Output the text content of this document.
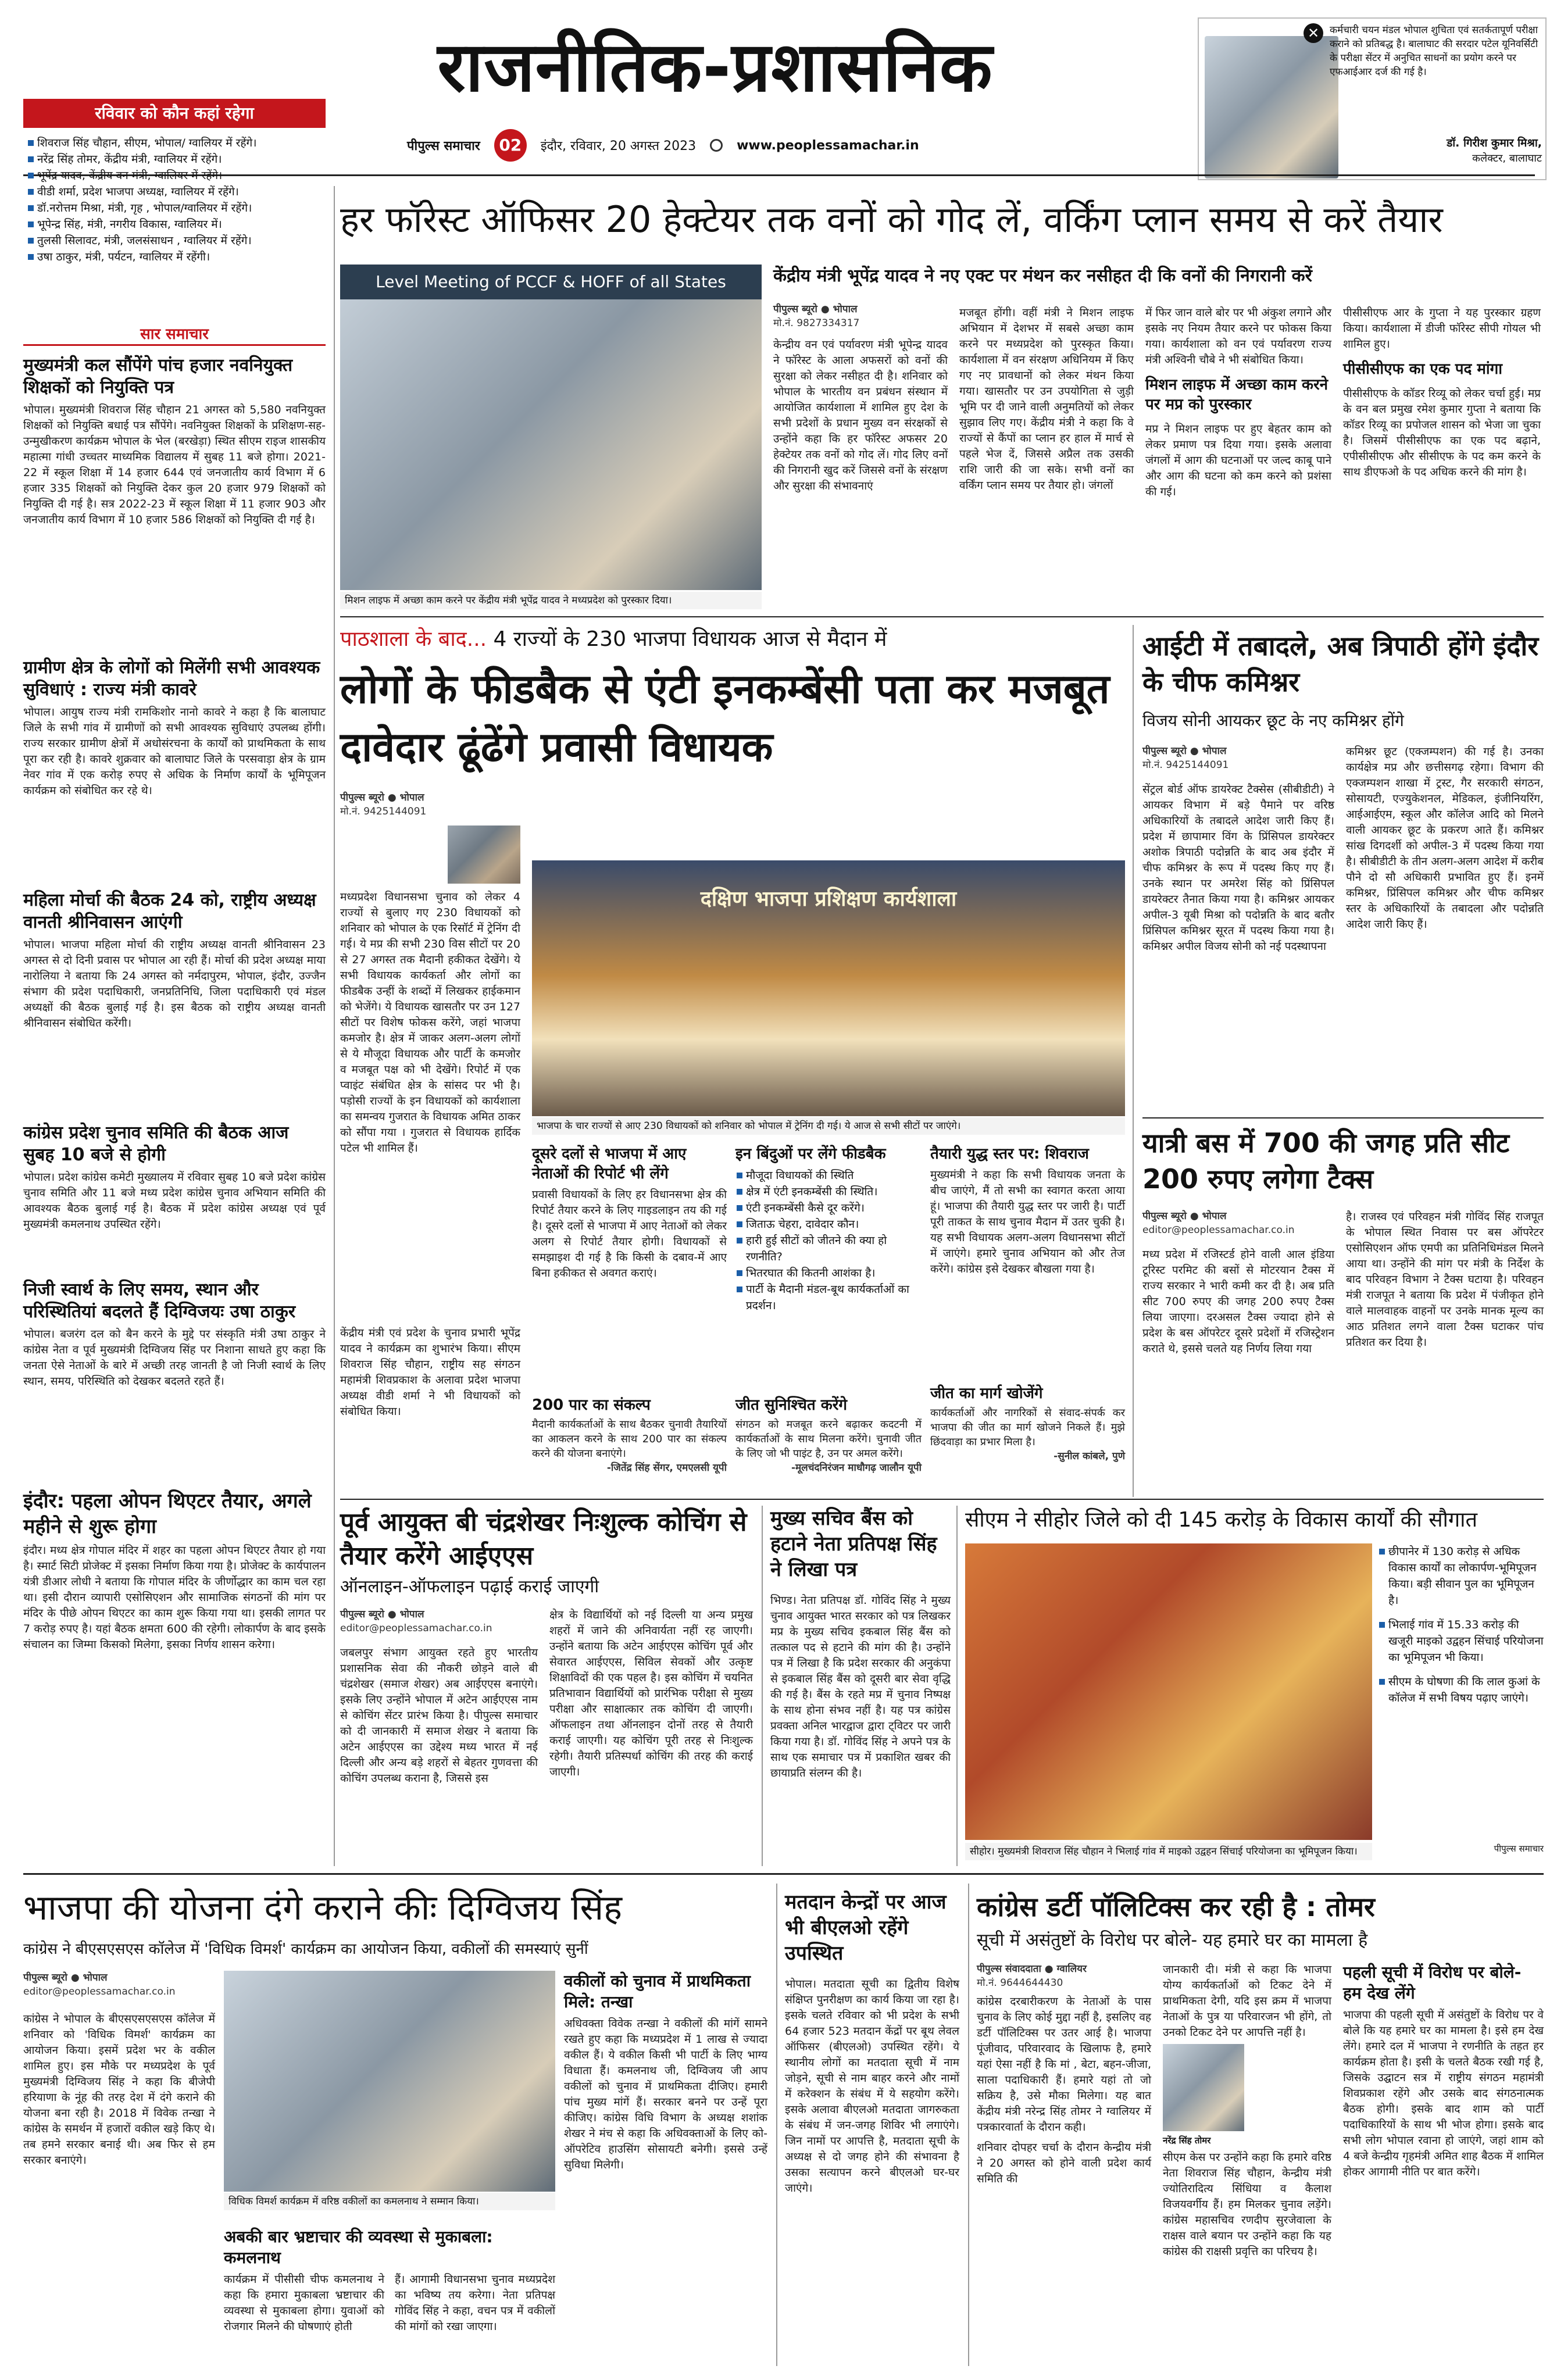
राजनीतिक-प्रशासनिक
पीपुल्स समाचार	02	इंदौर, रविवार, 20 अगस्त 2023	www.peoplessamachar.in
✕	कर्मचारी चयन मंडल भोपाल शुचिता एवं सतर्कतापूर्ण परीक्षा कराने को प्रतिबद्ध है। बालाघाट की सरदार पटेल यूनिवर्सिटी के परीक्षा सेंटर में अनुचित साधनों का प्रयोग करने पर एफआईआर दर्ज की गई है।
डॉ. गिरीश कुमार मिश्रा,
कलेक्टर, बालाघाट
रविवार को कौन कहां रहेगा
शिवराज सिंह चौहान, सीएम, भोपाल/ ग्वालियर में रहेंगे।
नरेंद्र सिंह तोमर, केंद्रीय मंत्री, ग्वालियर में रहेंगे।
भूपेंद्र यादव, केंद्रीय वन मंत्री, ग्वालियर में रहेंगे।
वीडी शर्मा, प्रदेश भाजपा अध्यक्ष, ग्वालियर में रहेंगे।
डॉ.नरोत्तम मिश्रा, मंत्री, गृह , भोपाल/ग्वालियर में रहेंगे।
भूपेन्द्र सिंह, मंत्री, नगरीय विकास, ग्वालियर में।
तुलसी सिलावट, मंत्री, जलसंसाधन , ग्वालियर में रहेंगे।
उषा ठाकुर, मंत्री, पर्यटन, ग्वालियर में रहेंगी।
सार समाचार
मुख्यमंत्री कल सौंपेंगे पांच हजार नवनियुक्त शिक्षकों को नियुक्ति पत्र
भोपाल। मुख्यमंत्री शिवराज सिंह चौहान 21 अगस्त को 5,580 नवनियुक्त शिक्षकों को नियुक्ति बधाई पत्र सौंपेंगे। नवनियुक्त शिक्षकों के प्रशिक्षण-सह-उन्मुखीकरण कार्यक्रम भोपाल के भेल (बरखेड़ा) स्थित सीएम राइज शासकीय महात्मा गांधी उच्चतर माध्यमिक विद्यालय में सुबह 11 बजे होगा। 2021-22 में स्कूल शिक्षा में 14 हजार 644 एवं जनजातीय कार्य विभाग में 6 हजार 335 शिक्षकों को नियुक्ति देकर कुल 20 हजार 979 शिक्षकों को नियुक्ति दी गई है। सत्र 2022-23 में स्कूल शिक्षा में 11 हजार 903 और जनजातीय कार्य विभाग में 10 हजार 586 शिक्षकों को नियुक्ति दी गई है।
ग्रामीण क्षेत्र के लोगों को मिलेंगी सभी आवश्यक सुविधाएं : राज्य मंत्री कावरे
भोपाल। आयुष राज्य मंत्री रामकिशोर नानो कावरे ने कहा है कि बालाघाट जिले के सभी गांव में ग्रामीणों को सभी आवश्यक सुविधाएं उपलब्ध होंगी। राज्य सरकार ग्रामीण क्षेत्रों में अधोसंरचना के कार्यों को प्राथमिकता के साथ पूरा कर रही है। कावरे शुक्रवार को बालाघाट जिले के परसवाड़ा क्षेत्र के ग्राम नेवर गांव में एक करोड़ रुपए से अधिक के निर्माण कार्यों के भूमिपूजन कार्यक्रम को संबोधित कर रहे थे।
महिला मोर्चा की बैठक 24 को, राष्ट्रीय अध्यक्ष वानती श्रीनिवासन आएंगी
भोपाल। भाजपा महिला मोर्चा की राष्ट्रीय अध्यक्ष वानती श्रीनिवासन 23 अगस्त से दो दिनी प्रवास पर भोपाल आ रही हैं। मोर्चा की प्रदेश अध्यक्ष माया नारोलिया ने बताया कि 24 अगस्त को नर्मदापुरम, भोपाल, इंदौर, उज्जैन संभाग की प्रदेश पदाधिकारी, जनप्रतिनिधि, जिला पदाधिकारी एवं मंडल अध्यक्षों की बैठक बुलाई गई है। इस बैठक को राष्ट्रीय अध्यक्ष वानती श्रीनिवासन संबोधित करेंगी।
कांग्रेस प्रदेश चुनाव समिति की बैठक आज सुबह 10 बजे से होगी
भोपाल। प्रदेश कांग्रेस कमेटी मुख्यालय में रविवार सुबह 10 बजे प्रदेश कांग्रेस चुनाव समिति और 11 बजे मध्य प्रदेश कांग्रेस चुनाव अभियान समिति की आवश्यक बैठक बुलाई गई है। बैठक में प्रदेश कांग्रेस अध्यक्ष एवं पूर्व मुख्यमंत्री कमलनाथ उपस्थित रहेंगे।
निजी स्वार्थ के लिए समय, स्थान और परिस्थितियां बदलते हैं दिग्विजयः उषा ठाकुर
भोपाल। बजरंग दल को बैन करने के मुद्दे पर संस्कृति मंत्री उषा ठाकुर ने कांग्रेस नेता व पूर्व मुख्यमंत्री दिग्विजय सिंह पर निशाना साधते हुए कहा कि जनता ऐसे नेताओं के बारे में अच्छी तरह जानती है जो निजी स्वार्थ के लिए स्थान, समय, परिस्थिति को देखकर बदलते रहते हैं।
इंदौर: पहला ओपन थिएटर तैयार, अगले महीने से शुरू होगा
इंदौर। मध्य क्षेत्र गोपाल मंदिर में शहर का पहला ओपन थिएटर तैयार हो गया है। स्मार्ट सिटी प्रोजेक्ट में इसका निर्माण किया गया है। प्रोजेक्ट के कार्यपालन यंत्री डीआर लोधी ने बताया कि गोपाल मंदिर के जीर्णोद्धार का काम चल रहा था। इसी दौरान व्यापारी एसोसिएशन और सामाजिक संगठनों की मांग पर मंदिर के पीछे ओपन थिएटर का काम शुरू किया गया था। इसकी लागत पर 7 करोड़ रुपए है। यहां बैठक क्षमता 600 की रहेगी। लोकार्पण के बाद इसके संचालन का जिम्मा किसको मिलेगा, इसका निर्णय शासन करेगा।
हर फॉरेस्ट ऑफिसर 20 हेक्टेयर तक वनों को गोद लें, वर्किंग प्लान समय से करें तैयार
Level Meeting of PCCF & HOFF of all States
मिशन लाइफ में अच्छा काम करने पर केंद्रीय मंत्री भूपेंद्र यादव ने मध्यप्रदेश को पुरस्कार दिया।
केंद्रीय मंत्री भूपेंद्र यादव ने नए एक्ट पर मंथन कर नसीहत दी कि वनों की निगरानी करें
पीपुल्स ब्यूरो ● भोपाल
मो.नं. 9827334317
केन्द्रीय वन एवं पर्यावरण मंत्री भूपेन्द्र यादव ने फॉरेस्ट के आला अफसरों को वनों की सुरक्षा को लेकर नसीहत दी है। शनिवार को भोपाल के भारतीय वन प्रबंधन संस्थान में आयोजित कार्यशाला में शामिल हुए देश के सभी प्रदेशों के प्रधान मुख्य वन संरक्षकों से उन्होंने कहा कि हर फॉरेस्ट अफसर 20 हेक्टेयर तक वनों को गोद लें। गोद लिए वनों की निगरानी खुद करें जिससे वनों के संरक्षण और सुरक्षा की संभावनाएं
मजबूत होंगी। वहीं मंत्री ने मिशन लाइफ अभियान में देशभर में सबसे अच्छा काम करने पर मध्यप्रदेश को पुरस्कृत किया। कार्यशाला में वन संरक्षण अधिनियम में किए गए नए प्रावधानों को लेकर मंथन किया गया। खासतौर पर उन उपयोगिता से जुड़ी भूमि पर दी जाने वाली अनुमतियों को लेकर सुझाव लिए गए। केंद्रीय मंत्री ने कहा कि वे राज्यों से कैंपों का प्लान हर हाल में मार्च से पहले भेज दें, जिससे अप्रैल तक उसकी राशि जारी की जा सके। सभी वनों का वर्किंग प्लान समय पर तैयार हो। जंगलों
में फिर जान वाले बोर पर भी अंकुश लगाने और इसके नए नियम तैयार करने पर फोकस किया गया। कार्यशाला को वन एवं पर्यावरण राज्य मंत्री अश्विनी चौबे ने भी संबोधित किया।
मिशन लाइफ में अच्छा काम करने पर मप्र को पुरस्कार
मप्र ने मिशन लाइफ पर हुए बेहतर काम को लेकर प्रमाण पत्र दिया गया। इसके अलावा जंगलों में आग की घटनाओं पर जल्द काबू पाने और आग की घटना को कम करने को प्रशंसा की गई।
पीसीसीएफ आर के गुप्ता ने यह पुरस्कार ग्रहण किया। कार्यशाला में डीजी फॉरेस्ट सीपी गोयल भी शामिल हुए।
पीसीसीएफ का एक पद मांगा
पीसीसीएफ के कॉडर रिव्यू को लेकर चर्चा हुई। मप्र के वन बल प्रमुख रमेश कुमार गुप्ता ने बताया कि कॉडर रिव्यू का प्रपोजल शासन को भेजा जा चुका है। जिसमें पीसीसीएफ का एक पद बढ़ाने, एपीसीसीएफ और सीसीएफ के पद कम करने के साथ डीएफओ के पद अधिक करने की मांग है।
पाठशाला के बाद... 4 राज्यों के 230 भाजपा विधायक आज से मैदान में
लोगों के फीडबैक से एंटी इनकम्बेंसी पता कर मजबूत दावेदार ढूंढेंगे प्रवासी विधायक
पीपुल्स ब्यूरो ● भोपाल
मो.नं. 9425144091
मध्यप्रदेश विधानसभा चुनाव को लेकर 4 राज्यों से बुलाए गए 230 विधायकों को शनिवार को भोपाल के एक रिसॉर्ट में ट्रेनिंग दी गई। ये मप्र की सभी 230 विस सीटों पर 20 से 27 अगस्त तक मैदानी हकीकत देखेंगे। ये सभी विधायक कार्यकर्ता और लोगों का फीडबैक उन्हीं के शब्दों में लिखकर हाईकमान को भेजेंगे। ये विधायक खासतौर पर उन 127 सीटों पर विशेष फोकस करेंगे, जहां भाजपा कमजोर है। क्षेत्र में जाकर अलग-अलग लोगों से ये मौजूदा विधायक और पार्टी के कमजोर व मजबूत पक्ष को भी देखेंगे। रिपोर्ट में एक प्वाइंट संबंधित क्षेत्र के सांसद पर भी है। पड़ोसी राज्यों के इन विधायकों को कार्यशाला का समन्वय गुजरात के विधायक अमित ठाकर को सौंपा गया । गुजरात से विधायक हार्दिक पटेल भी शामिल हैं।
दक्षिण भाजपा प्रशिक्षण कार्यशाला
भाजपा के चार राज्यों से आए 230 विधायकों को शनिवार को भोपाल में ट्रेनिंग दी गई। ये आज से सभी सीटों पर जाएंगे।
केंद्रीय मंत्री एवं प्रदेश के चुनाव प्रभारी भूपेंद्र यादव ने कार्यक्रम का शुभारंभ किया। सीएम शिवराज सिंह चौहान, राष्ट्रीय सह संगठन महामंत्री शिवप्रकाश के अलावा प्रदेश भाजपा अध्यक्ष वीडी शर्मा ने भी विधायकों को संबोधित किया।
दूसरे दलों से भाजपा में आए नेताओं की रिपोर्ट भी लेंगे
प्रवासी विधायकों के लिए हर विधानसभा क्षेत्र की रिपोर्ट तैयार करने के लिए गाइडलाइन तय की गई है। दूसरे दलों से भाजपा में आए नेताओं को लेकर अलग से रिपोर्ट तैयार होगी। विधायकों से समझाइश दी गई है कि किसी के दबाव-में आए बिना हकीकत से अवगत कराएं।
इन बिंदुओं पर लेंगे फीडबैक
मौजूदा विधायकों की स्थिति
क्षेत्र में एंटी इनकम्बेंसी की स्थिति।
एंटी इनकम्बेंसी कैसे दूर करेंगे।
जिताऊ चेहरा, दावेदार कौन।
हारी हुई सीटों को जीतने की क्या हो रणनीति?
भितरघात की कितनी आशंका है।
पार्टी के मैदानी मंडल-बूथ कार्यकर्ताओं का प्रदर्शन।
तैयारी युद्ध स्तर पर: शिवराज
मुख्यमंत्री ने कहा कि सभी विधायक जनता के बीच जाएंगे, मैं तो सभी का स्वागत करता आया हूं। भाजपा की तैयारी युद्ध स्तर पर जारी है। पार्टी पूरी ताकत के साथ चुनाव मैदान में उतर चुकी है। यह सभी विधायक अलग-अलग विधानसभा सीटों में जाएंगे। हमारे चुनाव अभियान को और तेज करेंगे। कांग्रेस इसे देखकर बौखला गया है।
200 पार का संकल्प
मैदानी कार्यकर्ताओं के साथ बैठकर चुनावी तैयारियों का आकलन करने के साथ 200 पार का संकल्प करने की योजना बनाएंगे।
-जितेंद्र सिंह सेंगर, एमएलसी यूपी
जीत सुनिश्चित करेंगे
संगठन को मजबूत करने बढ़ाकर कदटनी में कार्यकर्ताओं के साथ मिलना करेंगे। चुनावी जीत के लिए जो भी पाइंट है, उन पर अमल करेंगे।
-मूलचंदनिरंजन माधौगढ़ जालौन यूपी
जीत का मार्ग खोजेंगे
कार्यकर्ताओं और नागरिकों से संवाद-संपर्क कर भाजपा की जीत का मार्ग खोजने निकले हैं। मुझे छिंदवाड़ा का प्रभार मिला है।
-सुनील कांबले, पुणे
आईटी में तबादले, अब त्रिपाठी होंगे इंदौर के चीफ कमिश्नर
विजय सोनी आयकर छूट के नए कमिश्नर होंगे
पीपुल्स ब्यूरो ● भोपाल
मो.नं. 9425144091
सेंट्रल बोर्ड ऑफ डायरेक्ट टैक्सेस (सीबीडीटी) ने आयकर विभाग में बड़े पैमाने पर वरिष्ठ अधिकारियों के तबादले आदेश जारी किए हैं। प्रदेश में छापामार विंग के प्रिंसिपल डायरेक्टर अशोक त्रिपाठी पदोन्नति के बाद अब इंदौर में चीफ कमिश्नर के रूप में पदस्थ किए गए हैं। उनके स्थान पर अमरेश सिंह को प्रिंसिपल डायरेक्टर तैनात किया गया है। कमिश्नर आयकर अपील-3 यूबी मिश्रा को पदोन्नति के बाद बतौर प्रिंसिपल कमिश्नर सूरत में पदस्थ किया गया है। कमिश्नर अपील विजय सोनी को नई पदस्थापना
कमिश्नर छूट (एक्जम्पशन) की गई है। उनका कार्यक्षेत्र मप्र और छत्तीसगढ़ रहेगा। विभाग की एक्जम्पशन शाखा में ट्रस्ट, गैर सरकारी संगठन, सोसायटी, एज्युकेशनल, मेडिकल, इंजीनियरिंग, आईआईएम, स्कूल और कॉलेज आदि को मिलने वाली आयकर छूट के प्रकरण आते हैं। कमिश्नर सांख दिगदर्शी को अपील-3 में पदस्थ किया गया है। सीबीडीटी के तीन अलग-अलग आदेश में करीब पौने दो सौ अधिकारी प्रभावित हुए हैं। इनमें कमिश्नर, प्रिंसिपल कमिश्नर और चीफ कमिश्नर स्तर के अधिकारियों के तबादला और पदोन्नति आदेश जारी किए हैं।
यात्री बस में 700 की जगह प्रति सीट 200 रुपए लगेगा टैक्स
पीपुल्स ब्यूरो ● भोपाल
editor@peoplessamachar.co.in
मध्य प्रदेश में रजिस्टर्ड होने वाली आल इंडिया टूरिस्ट परमिट की बसों से मोटरयान टैक्स में राज्य सरकार ने भारी कमी कर दी है। अब प्रति सीट 700 रुपए की जगह 200 रुपए टैक्स लिया जाएगा। दरअसल टैक्स ज्यादा होने से प्रदेश के बस ऑपरेटर दूसरे प्रदेशों में रजिस्ट्रेशन कराते थे, इससे चलते यह निर्णय लिया गया
है। राजस्व एवं परिवहन मंत्री गोविंद सिंह राजपूत के भोपाल स्थित निवास पर बस ऑपरेटर एसोसिएशन ऑफ एमपी का प्रतिनिधिमंडल मिलने आया था। उन्होंने की मांग पर मंत्री के निर्देश के बाद परिवहन विभाग ने टैक्स घटाया है। परिवहन मंत्री राजपूत ने बताया कि प्रदेश में पंजीकृत होने वाले मालवाहक वाहनों पर उनके मानक मूल्य का आठ प्रतिशत लगने वाला टैक्स घटाकर पांच प्रतिशत कर दिया है।
पूर्व आयुक्त बी चंद्रशेखर निःशुल्क कोचिंग से तैयार करेंगे आईएएस
ऑनलाइन-ऑफलाइन पढ़ाई कराई जाएगी
पीपुल्स ब्यूरो ● भोपाल
editor@peoplessamachar.co.in
जबलपुर संभाग आयुक्त रहते हुए भारतीय प्रशासनिक सेवा की नौकरी छोड़ने वाले बी चंद्रशेखर (समाज शेखर) अब आईएएस बनाएंगे। इसके लिए उन्होंने भोपाल में अटेन आईएएस नाम से कोचिंग सेंटर प्रारंभ किया है। पीपुल्स समाचार को दी जानकारी में समाज शेखर ने बताया कि अटेन आईएएस का उद्देश्य मध्य भारत में नई दिल्ली और अन्य बड़े शहरों से बेहतर गुणवत्ता की कोचिंग उपलब्ध कराना है, जिससे इस
क्षेत्र के विद्यार्थियों को नई दिल्ली या अन्य प्रमुख शहरों में जाने की अनिवार्यता नहीं रह जाएगी। उन्होंने बताया कि अटेन आईएएस कोचिंग पूर्व और सेवारत आईएएस, सिविल सेवकों और उत्कृष्ट शिक्षाविदों की एक पहल है। इस कोचिंग में चयनित प्रतिभावान विद्यार्थियों को प्रारंभिक परीक्षा से मुख्य परीक्षा और साक्षात्कार तक कोचिंग दी जाएगी। ऑफलाइन तथा ऑनलाइन दोनों तरह से तैयारी कराई जाएगी। यह कोचिंग पूरी तरह से निःशुल्क रहेगी। तैयारी प्रतिस्पर्धा कोचिंग की तरह की कराई जाएगी।
मुख्य सचिव बैंस को हटाने नेता प्रतिपक्ष सिंह ने लिखा पत्र
भिण्ड। नेता प्रतिपक्ष डॉ. गोविंद सिंह ने मुख्य चुनाव आयुक्त भारत सरकार को पत्र लिखकर मप्र के मुख्य सचिव इकबाल सिंह बैंस को तत्काल पद से हटाने की मांग की है। उन्होंने पत्र में लिखा है कि प्रदेश सरकार की अनुकंपा से इकबाल सिंह बैंस को दूसरी बार सेवा वृद्धि की गई है। बैंस के रहते मप्र में चुनाव निष्पक्ष के साथ होना संभव नहीं है। यह पत्र कांग्रेस प्रवक्ता अनिल भारद्वाज द्वारा ट्विटर पर जारी किया गया है। डॉ. गोविंद सिंह ने अपने पत्र के साथ एक समाचार पत्र में प्रकाशित खबर की छायाप्रति संलग्न की है।
सीएम ने सीहोर जिले को दी 145 करोड़ के विकास कार्यों की सौगात
सीहोर। मुख्यमंत्री शिवराज सिंह चौहान ने भिलाई गांव में माइको उद्वहन सिंचाई परियोजना का भूमिपूजन किया।	पीपुल्स समाचार
छीपानेर में 130 करोड़ से अधिक विकास कार्यों का लोकार्पण-भूमिपूजन किया। बड़ी सीवान पुल का भूमिपूजन है।
भिलाई गांव में 15.33 करोड़ की खजूरी माइको उद्वहन सिंचाई परियोजना का भूमिपूजन भी किया।
सीएम के घोषणा की कि लाल कुआं के कॉलेज में सभी विषय पढ़ाए जाएंगे।
भाजपा की योजना दंगे कराने कीः दिग्विजय सिंह
कांग्रेस ने बीएसएसएस कॉलेज में 'विधिक विमर्श' कार्यक्रम का आयोजन किया, वकीलों की समस्याएं सुनीं
पीपुल्स ब्यूरो ● भोपाल
editor@peoplessamachar.co.in
कांग्रेस ने भोपाल के बीएसएसएसएस कॉलेज में शनिवार को 'विधिक विमर्श' कार्यक्रम का आयोजन किया। इसमें प्रदेश भर के वकील शामिल हुए। इस मौके पर मध्यप्रदेश के पूर्व मुख्यमंत्री दिग्विजय सिंह ने कहा कि बीजेपी हरियाणा के नूंह की तरह देश में दंगे कराने की योजना बना रही है। 2018 में विवेक तन्खा ने कांग्रेस के समर्थन में हजारों वकील खड़े किए थे। तब हमने सरकार बनाई थी। अब फिर से हम सरकार बनाएंगे।
विधिक विमर्श कार्यक्रम में वरिष्ठ वकीलों का कमलनाथ ने सम्मान किया।
वकीलों को चुनाव में प्राथमिकता मिले: तन्खा
अधिवक्ता विवेक तन्खा ने वकीलों की मांगें सामने रखते हुए कहा कि मध्यप्रदेश में 1 लाख से ज्यादा वकील हैं। ये वकील किसी भी पार्टी के लिए भाग्य विधाता हैं। कमलनाथ जी, दिग्विजय जी आप वकीलों को चुनाव में प्राथमिकता दीजिए। हमारी पांच मुख्य मांगें हैं। सरकार बनने पर उन्हें पूरा कीजिए। कांग्रेस विधि विभाग के अध्यक्ष शशांक शेखर ने मंच से कहा कि अधिवक्ताओं के लिए को-ऑपरेटिव हाउसिंग सोसायटी बनेगी। इससे उन्हें सुविधा मिलेगी।
अबकी बार भ्रष्टाचार की व्यवस्था से मुकाबला: कमलनाथ
कार्यक्रम में पीसीसी चीफ कमलनाथ ने कहा कि हमारा मुकाबला भ्रष्टाचार की व्यवस्था से मुकाबला होगा। युवाओं को रोजगार मिलने की घोषणाएं होती
हैं। आगामी विधानसभा चुनाव मध्यप्रदेश का भविष्य तय करेगा। नेता प्रतिपक्ष गोविंद सिंह ने कहा, वचन पत्र में वकीलों की मांगों को रखा जाएगा।
मतदान केन्द्रों पर आज भी बीएलओ रहेंगे उपस्थित
भोपाल। मतदाता सूची का द्वितीय विशेष संक्षिप्त पुनरीक्षण का कार्य किया जा रहा है। इसके चलते रविवार को भी प्रदेश के सभी 64 हजार 523 मतदान केंद्रों पर बूथ लेवल ऑफिसर (बीएलओ) उपस्थित रहेंगे। ये स्थानीय लोगों का मतदाता सूची में नाम जोड़ने, सूची से नाम बाहर करने और नामों में करेक्शन के संबंध में ये सहयोग करेंगे। इसके अलावा बीएलओ मतदाता जागरुकता के संबंध में जन-जगह शिविर भी लगाएंगे। जिन नामों पर आपत्ति है, मतदाता सूची के अध्यक्ष से दो जगह होने की संभावना है उसका सत्यापन करने बीएलओ घर-घर जाएंगे।
कांग्रेस डर्टी पॉलिटिक्स कर रही है : तोमर
सूची में असंतुष्टों के विरोध पर बोले- यह हमारे घर का मामला है
पीपुल्स संवाददाता ● ग्वालियर
मो.नं. 9644644430
कांग्रेस दरबारीकरण के नेताओं के पास चुनाव के लिए कोई मुद्दा नहीं है, इसलिए वह डर्टी पॉलिटिक्स पर उतर आई है। भाजपा पूंजीवाद, परिवारवाद के खिलाफ है, हमारे यहां ऐसा नहीं है कि मां , बेटा, बहन-जीजा, साला पदाधिकारी हैं। हमारे यहां तो जो सक्रिय है, उसे मौका मिलेगा। यह बात केंद्रीय मंत्री नरेन्द्र सिंह तोमर ने ग्वालियर में पत्रकारवार्ता के दौरान कही।
शनिवार दोपहर चर्चा के दौरान केन्द्रीय मंत्री ने 20 अगस्त को होने वाली प्रदेश कार्य समिति की
जानकारी दी। मंत्री से कहा कि भाजपा योग्य कार्यकर्ताओं को टिकट देने में प्राथमिकता देगी, यदि इस क्रम में भाजपा नेताओं के पुत्र या परिवारजन भी होंगे, तो उनको टिकट देने पर आपत्ति नहीं है।
नरेंद्र सिंह तोमर
सीएम केस पर उन्होंने कहा कि हमारे वरिष्ठ नेता शिवराज सिंह चौहान, केन्द्रीय मंत्री ज्योतिरादित्य सिंधिया व कैलाश विजयवर्गीय हैं। हम मिलकर चुनाव लड़ेंगे। कांग्रेस महासचिव रणदीप सुरजेवाला के राक्षस वाले बयान पर उन्होंने कहा कि यह कांग्रेस की राक्षसी प्रवृत्ति का परिचय है।
पहली सूची में विरोध पर बोले- हम देख लेंगे
भाजपा की पहली सूची में असंतुष्टों के विरोध पर वे बोले कि यह हमारे घर का मामला है। इसे हम देख लेंगे। हमारे दल में भाजपा ने रणनीति के तहत हर कार्यक्रम होता है। इसी के चलते बैठक रखी गई है, जिसके उद्घाटन सत्र में राष्ट्रीय संगठन महामंत्री शिवप्रकाश रहेंगे और उसके बाद संगठनात्मक बैठक होगी। इसके बाद शाम को पार्टी पदाधिकारियों के साथ भी भोज होगा। इसके बाद सभी लोग भोपाल रवाना हो जाएंगे, जहां शाम को 4 बजे केन्द्रीय गृहमंत्री अमित शाह बैठक में शामिल होकर आगामी नीति पर बात करेंगे।
